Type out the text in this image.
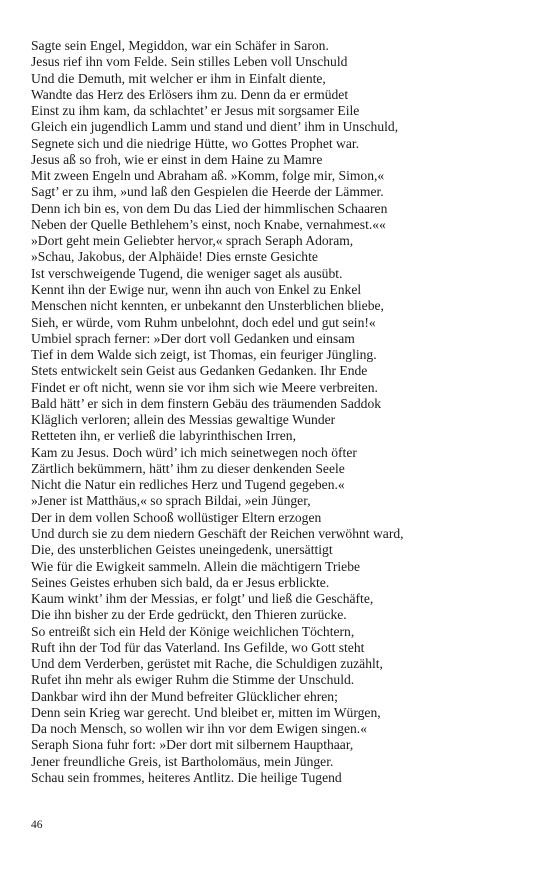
Sagte sein Engel, Megiddon, war ein Schäfer in Saron.
Jesus rief ihn vom Felde. Sein stilles Leben voll Unschuld
Und die Demuth, mit welcher er ihm in Einfalt diente,
Wandte das Herz des Erlösers ihm zu. Denn da er ermüdet
Einst zu ihm kam, da schlachtet’ er Jesus mit sorgsamer Eile
Gleich ein jugendlich Lamm und stand und dient’ ihm in Unschuld,
Segnete sich und die niedrige Hütte, wo Gottes Prophet war.
Jesus aß so froh, wie er einst in dem Haine zu Mamre
Mit zween Engeln und Abraham aß. »Komm, folge mir, Simon,«
Sagt’ er zu ihm, »und laß den Gespielen die Heerde der Lämmer.
Denn ich bin es, von dem Du das Lied der himmlischen Schaaren
Neben der Quelle Bethlehem’s einst, noch Knabe, vernahmest.««
»Dort geht mein Geliebter hervor,« sprach Seraph Adoram,
»Schau, Jakobus, der Alphäide! Dies ernste Gesichte
Ist verschweigende Tugend, die weniger saget als ausübt.
Kennt ihn der Ewige nur, wenn ihn auch von Enkel zu Enkel
Menschen nicht kennten, er unbekannt den Unsterblichen bliebe,
Sieh, er würde, vom Ruhm unbelohnt, doch edel und gut sein!«
Umbiel sprach ferner: »Der dort voll Gedanken und einsam
Tief in dem Walde sich zeigt, ist Thomas, ein feuriger Jüngling.
Stets entwickelt sein Geist aus Gedanken Gedanken. Ihr Ende
Findet er oft nicht, wenn sie vor ihm sich wie Meere verbreiten.
Bald hätt’ er sich in dem finstern Gebäu des träumenden Saddok
Kläglich verloren; allein des Messias gewaltige Wunder
Retteten ihn, er verließ die labyrinthischen Irren,
Kam zu Jesus. Doch würd’ ich mich seinetwegen noch öfter
Zärtlich bekümmern, hätt’ ihm zu dieser denkenden Seele
Nicht die Natur ein redliches Herz und Tugend gegeben.«
»Jener ist Matthäus,« so sprach Bildai, »ein Jünger,
Der in dem vollen Schooß wollüstiger Eltern erzogen
Und durch sie zu dem niedern Geschäft der Reichen verwöhnt ward,
Die, des unsterblichen Geistes uneingedenk, unersättigt
Wie für die Ewigkeit sammeln. Allein die mächtigern Triebe
Seines Geistes erhuben sich bald, da er Jesus erblickte.
Kaum winkt’ ihm der Messias, er folgt’ und ließ die Geschäfte,
Die ihn bisher zu der Erde gedrückt, den Thieren zurücke.
So entreißt sich ein Held der Könige weichlichen Töchtern,
Ruft ihn der Tod für das Vaterland. Ins Gefilde, wo Gott steht
Und dem Verderben, gerüstet mit Rache, die Schuldigen zuzählt,
Rufet ihn mehr als ewiger Ruhm die Stimme der Unschuld.
Dankbar wird ihn der Mund befreiter Glücklicher ehren;
Denn sein Krieg war gerecht. Und bleibet er, mitten im Würgen,
Da noch Mensch, so wollen wir ihn vor dem Ewigen singen.«
Seraph Siona fuhr fort: »Der dort mit silbernem Haupthaar,
Jener freundliche Greis, ist Bartholomäus, mein Jünger.
Schau sein frommes, heiteres Antlitz. Die heilige Tugend
46
